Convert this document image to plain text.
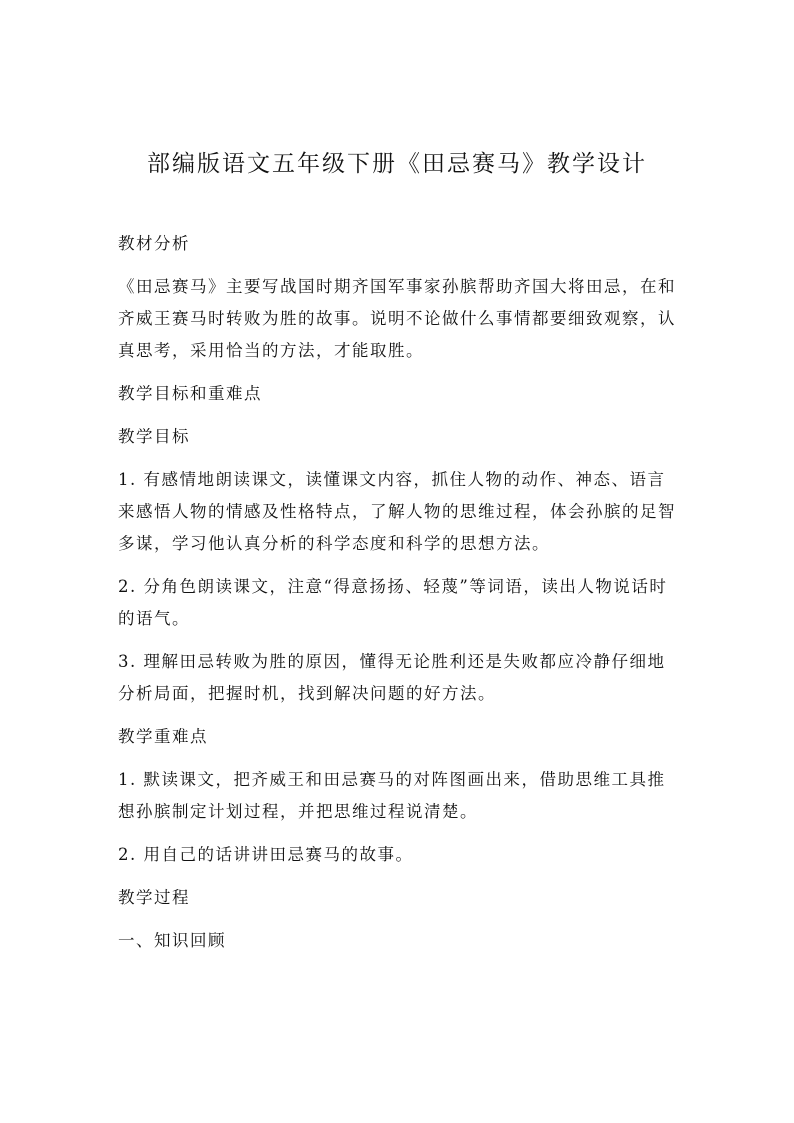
部编版语文五年级下册《田忌赛马》教学设计

教材分析

《田忌赛马》主要写战国时期齐国军事家孙膑帮助齐国大将田忌，在和齐威王赛马时转败为胜的故事。说明不论做什么事情都要细致观察，认真思考，采用恰当的方法，才能取胜。

教学目标和重难点

教学目标

1. 有感情地朗读课文，读懂课文内容，抓住人物的动作、神态、语言来感悟人物的情感及性格特点，了解人物的思维过程，体会孙膑的足智多谋，学习他认真分析的科学态度和科学的思想方法。

2. 分角色朗读课文，注意“得意扬扬、轻蔑”等词语，读出人物说话时的语气。

3. 理解田忌转败为胜的原因，懂得无论胜利还是失败都应冷静仔细地分析局面，把握时机，找到解决问题的好方法。

教学重难点

1. 默读课文，把齐威王和田忌赛马的对阵图画出来，借助思维工具推想孙膑制定计划过程，并把思维过程说清楚。

2. 用自己的话讲讲田忌赛马的故事。

教学过程

一、知识回顾
